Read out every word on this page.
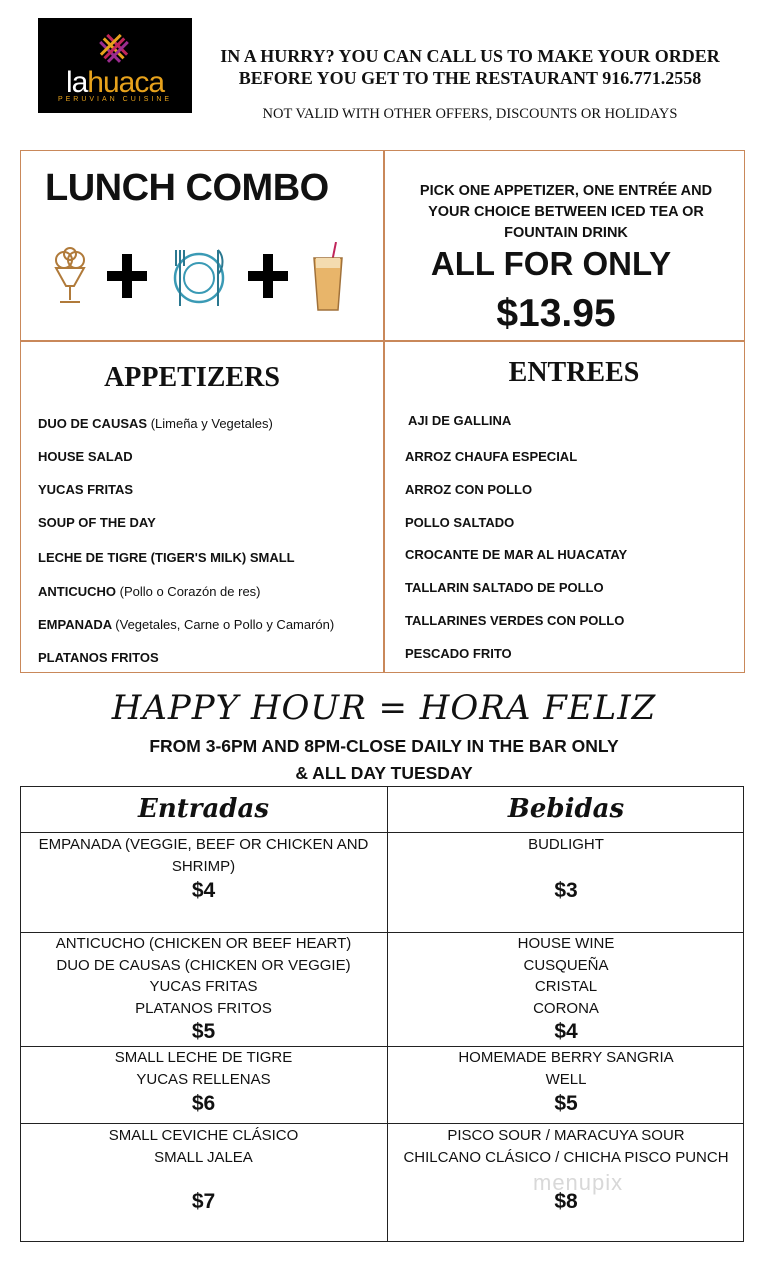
lahuaca
PERUVIAN CUISINE
IN A HURRY? YOU CAN CALL US TO MAKE YOUR ORDER
BEFORE YOU GET TO THE RESTAURANT 916.771.2558
NOT VALID WITH OTHER OFFERS, DISCOUNTS OR HOLIDAYS
LUNCH COMBO	PICK ONE APPETIZER, ONE ENTRÉE AND
YOUR CHOICE BETWEEN ICED TEA OR
FOUNTAIN DRINK
ALL FOR ONLY
$13.95
APPETIZERS
DUO DE CAUSAS (Limeña y Vegetales)
HOUSE SALAD
YUCAS FRITAS
SOUP OF THE DAY
LECHE DE TIGRE (TIGER'S MILK) SMALL
ANTICUCHO (Pollo o Corazón de res)
EMPANADA (Vegetales, Carne o Pollo y Camarón)
PLATANOS FRITOS
ENTREES
AJI DE GALLINA
ARROZ CHAUFA ESPECIAL
ARROZ CON POLLO
POLLO SALTADO
CROCANTE DE MAR AL HUACATAY
TALLARIN SALTADO DE POLLO
TALLARINES VERDES CON POLLO
PESCADO FRITO
HAPPY HOUR = HORA FELIZ
FROM 3-6PM AND 8PM-CLOSE DAILY IN THE BAR ONLY
& ALL DAY TUESDAY
Entradas	Bebidas
EMPANADA (VEGGIE, BEEF OR CHICKEN AND
SHRIMP)
$4
BUDLIGHT
$3
ANTICUCHO (CHICKEN OR BEEF HEART)
DUO DE CAUSAS (CHICKEN OR VEGGIE)
YUCAS FRITAS
PLATANOS FRITOS
$5
HOUSE WINE
CUSQUEÑA
CRISTAL
CORONA
$4
SMALL LECHE DE TIGRE
YUCAS RELLENAS
$6
HOMEMADE BERRY SANGRIA
WELL
$5
SMALL CEVICHE CLÁSICO
SMALL JALEA
$7
PISCO SOUR / MARACUYA SOUR
CHILCANO CLÁSICO / CHICHA PISCO PUNCH
$8
menupix
